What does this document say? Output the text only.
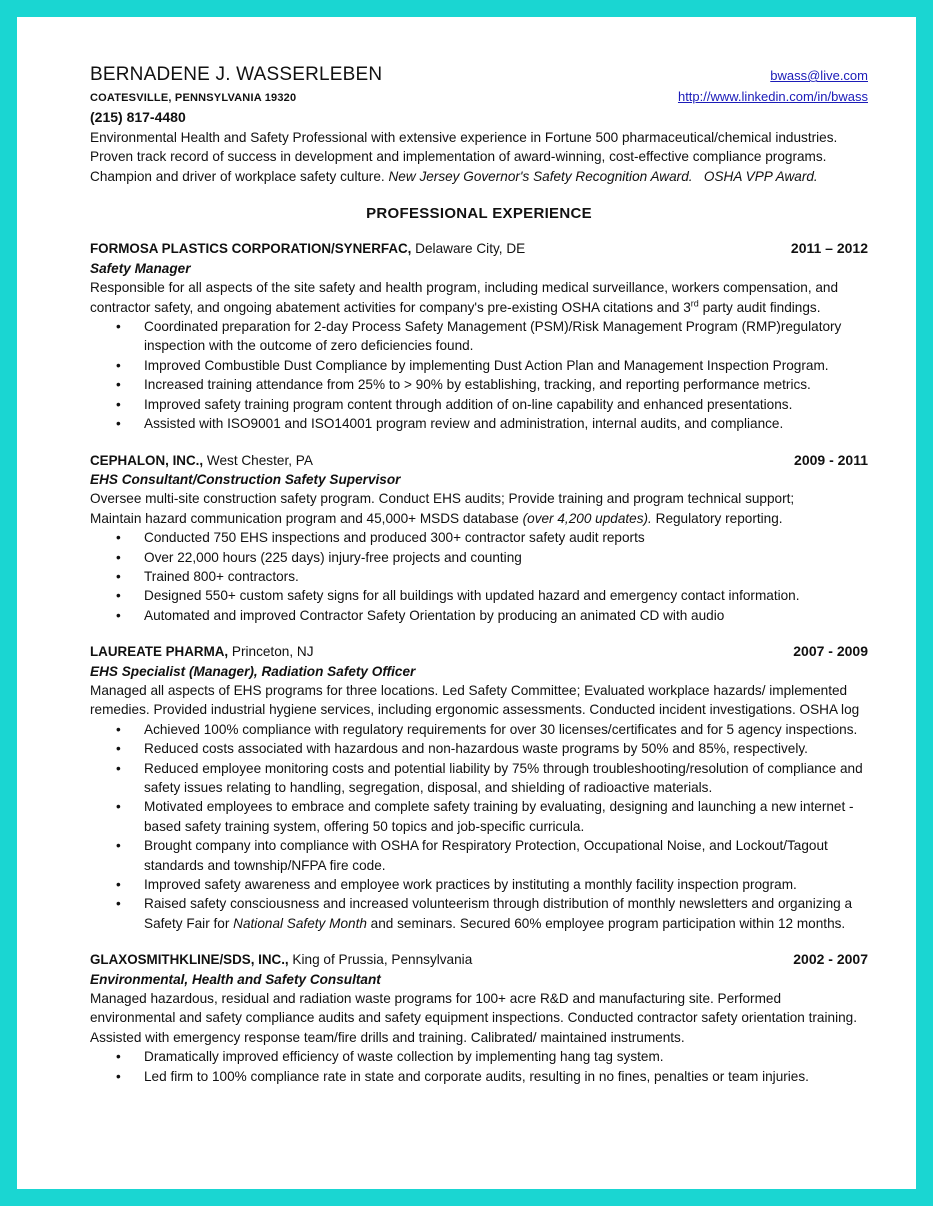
BERNADENE J. WASSERLEBEN	bwass@live.com
COATESVILLE, PENNSYLVANIA 19320	http://www.linkedin.com/in/bwass
(215) 817-4480
Environmental Health and Safety Professional with extensive experience in Fortune 500 pharmaceutical/chemical industries.
Proven track record of success in development and implementation of award-winning, cost-effective compliance programs.
Champion and driver of workplace safety culture. New Jersey Governor's Safety Recognition Award. OSHA VPP Award.
PROFESSIONAL EXPERIENCE
FORMOSA PLASTICS CORPORATION/SYNERFAC, Delaware City, DE	2011 – 2012
Safety Manager
Responsible for all aspects of the site safety and health program, including medical surveillance, workers compensation, and
contractor safety, and ongoing abatement activities for company's pre-existing OSHA citations and 3rd party audit findings.
• Coordinated preparation for 2-day Process Safety Management (PSM)/Risk Management Program (RMP)regulatory inspection with the outcome of zero deficiencies found.
• Improved Combustible Dust Compliance by implementing Dust Action Plan and Management Inspection Program.
• Increased training attendance from 25% to > 90% by establishing, tracking, and reporting performance metrics.
• Improved safety training program content through addition of on-line capability and enhanced presentations.
• Assisted with ISO9001 and ISO14001 program review and administration, internal audits, and compliance.
CEPHALON, INC., West Chester, PA	2009 - 2011
EHS Consultant/Construction Safety Supervisor
Oversee multi-site construction safety program. Conduct EHS audits; Provide training and program technical support;
Maintain hazard communication program and 45,000+ MSDS database (over 4,200 updates). Regulatory reporting.
• Conducted 750 EHS inspections and produced 300+ contractor safety audit reports
• Over 22,000 hours (225 days) injury-free projects and counting
• Trained 800+ contractors.
• Designed 550+ custom safety signs for all buildings with updated hazard and emergency contact information.
• Automated and improved Contractor Safety Orientation by producing an animated CD with audio
LAUREATE PHARMA, Princeton, NJ	2007 - 2009
EHS Specialist (Manager), Radiation Safety Officer
Managed all aspects of EHS programs for three locations. Led Safety Committee; Evaluated workplace hazards/ implemented remedies. Provided industrial hygiene services, including ergonomic assessments. Conducted incident investigations. OSHA log
• Achieved 100% compliance with regulatory requirements for over 30 licenses/certificates and for 5 agency inspections.
• Reduced costs associated with hazardous and non-hazardous waste programs by 50% and 85%, respectively.
• Reduced employee monitoring costs and potential liability by 75% through troubleshooting/resolution of compliance and safety issues relating to handling, segregation, disposal, and shielding of radioactive materials.
• Motivated employees to embrace and complete safety training by evaluating, designing and launching a new internet -based safety training system, offering 50 topics and job-specific curricula.
• Brought company into compliance with OSHA for Respiratory Protection, Occupational Noise, and Lockout/Tagout standards and township/NFPA fire code.
• Improved safety awareness and employee work practices by instituting a monthly facility inspection program.
• Raised safety consciousness and increased volunteerism through distribution of monthly newsletters and organizing a Safety Fair for National Safety Month and seminars. Secured 60% employee program participation within 12 months.
GLAXOSMITHKLINE/SDS, INC., King of Prussia, Pennsylvania	2002 - 2007
Environmental, Health and Safety Consultant
Managed hazardous, residual and radiation waste programs for 100+ acre R&D and manufacturing site. Performed environmental and safety compliance audits and safety equipment inspections. Conducted contractor safety orientation training. Assisted with emergency response team/fire drills and training. Calibrated/ maintained instruments.
• Dramatically improved efficiency of waste collection by implementing hang tag system.
• Led firm to 100% compliance rate in state and corporate audits, resulting in no fines, penalties or team injuries.
